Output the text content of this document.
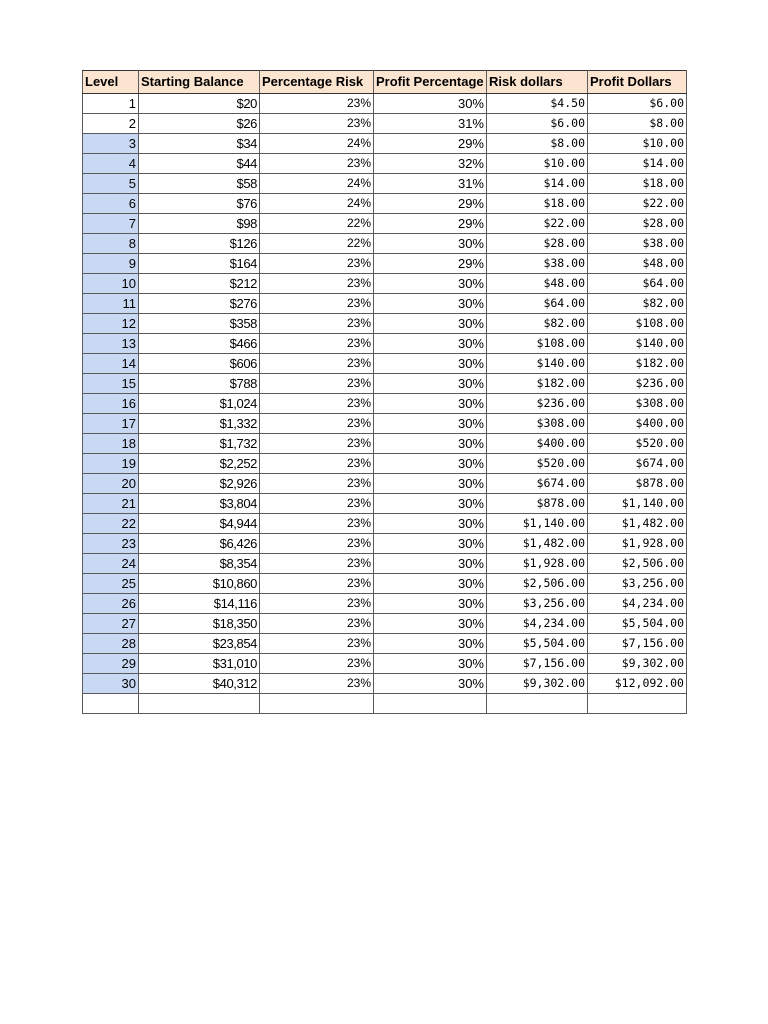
Level	Starting Balance	Percentage Risk	Profit Percentage	Risk dollars	Profit Dollars
1	$20	23%	30%	$4.50	$6.00
2	$26	23%	31%	$6.00	$8.00
3	$34	24%	29%	$8.00	$10.00
4	$44	23%	32%	$10.00	$14.00
5	$58	24%	31%	$14.00	$18.00
6	$76	24%	29%	$18.00	$22.00
7	$98	22%	29%	$22.00	$28.00
8	$126	22%	30%	$28.00	$38.00
9	$164	23%	29%	$38.00	$48.00
10	$212	23%	30%	$48.00	$64.00
11	$276	23%	30%	$64.00	$82.00
12	$358	23%	30%	$82.00	$108.00
13	$466	23%	30%	$108.00	$140.00
14	$606	23%	30%	$140.00	$182.00
15	$788	23%	30%	$182.00	$236.00
16	$1,024	23%	30%	$236.00	$308.00
17	$1,332	23%	30%	$308.00	$400.00
18	$1,732	23%	30%	$400.00	$520.00
19	$2,252	23%	30%	$520.00	$674.00
20	$2,926	23%	30%	$674.00	$878.00
21	$3,804	23%	30%	$878.00	$1,140.00
22	$4,944	23%	30%	$1,140.00	$1,482.00
23	$6,426	23%	30%	$1,482.00	$1,928.00
24	$8,354	23%	30%	$1,928.00	$2,506.00
25	$10,860	23%	30%	$2,506.00	$3,256.00
26	$14,116	23%	30%	$3,256.00	$4,234.00
27	$18,350	23%	30%	$4,234.00	$5,504.00
28	$23,854	23%	30%	$5,504.00	$7,156.00
29	$31,010	23%	30%	$7,156.00	$9,302.00
30	$40,312	23%	30%	$9,302.00	$12,092.00
